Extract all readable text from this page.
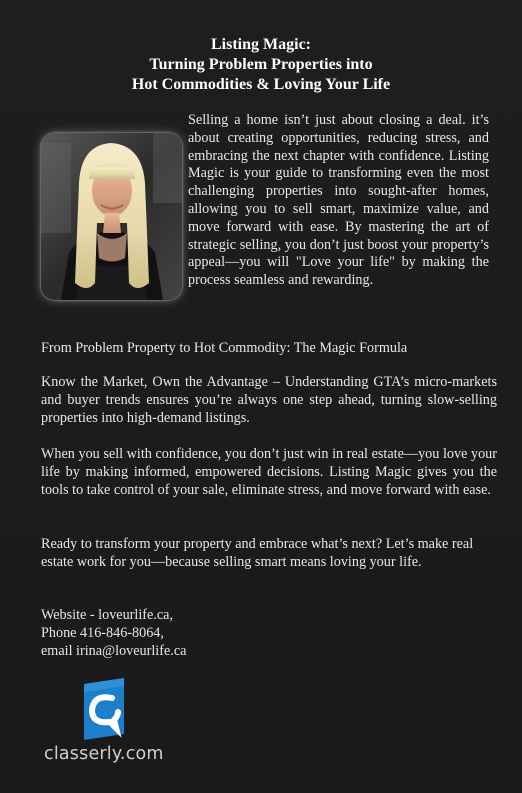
Listing Magic:
Turning Problem Properties into
Hot Commodities & Loving Your Life
Selling a home isn’t just about closing a deal. it’s about creating opportunities, reducing stress, and embracing the next chapter with confidence. Listing Magic is your guide to transforming even the most challenging properties into sought-after homes, allowing you to sell smart, maximize value, and move forward with ease. By mastering the art of strategic selling, you don’t just boost your property’s appeal—you will "Love your life" by making the process seamless and rewarding.
From Problem Property to Hot Commodity: The Magic Formula
Know the Market, Own the Advantage – Understanding GTA’s micro-markets and buyer trends ensures you’re always one step ahead, turning slow-selling properties into high-demand listings.
When you sell with confidence, you don’t just win in real estate—you love your life by making informed, empowered decisions. Listing Magic gives you the tools to take control of your sale, eliminate stress, and move forward with ease.
Ready to transform your property and embrace what’s next? Let’s make real estate work for you—because selling smart means loving your life.
Website - loveurlife.ca,
Phone 416-846-8064,
email irina@loveurlife.ca
classerly.com
